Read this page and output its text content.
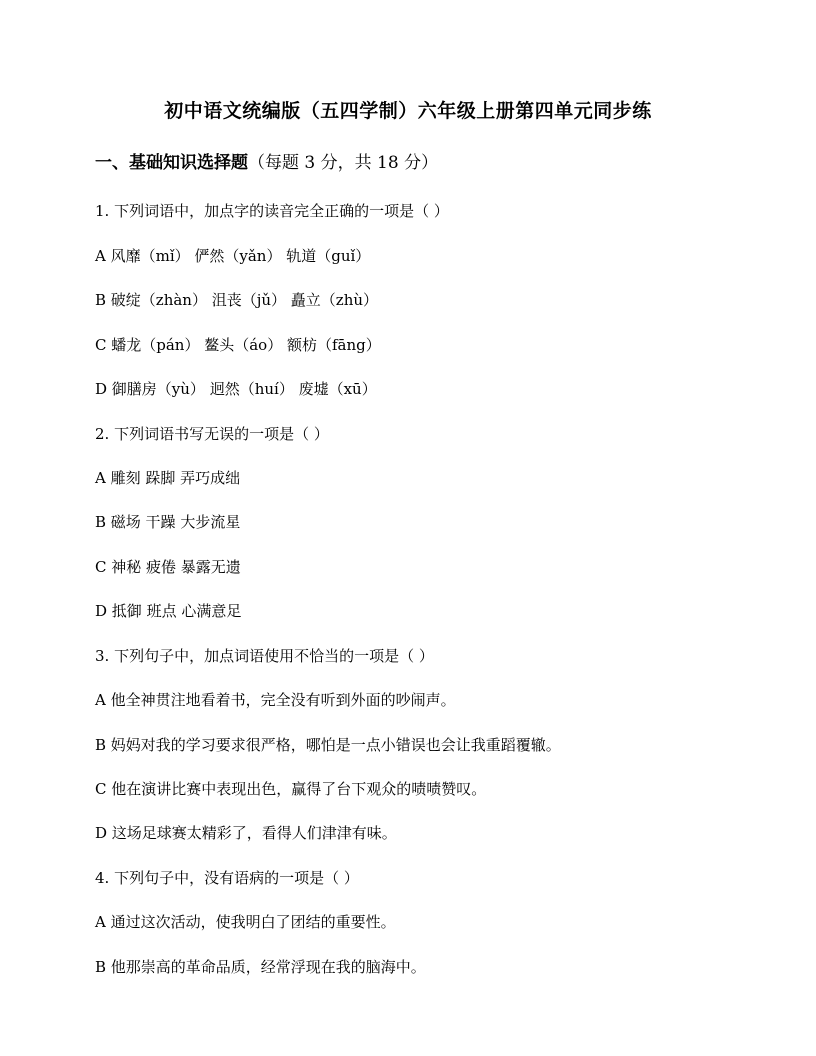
初中语文统编版（五四学制）六年级上册第四单元同步练
一、基础知识选择题（每题 3 分，共 18 分）
1. 下列词语中，加点字的读音完全正确的一项是（ ）
A 风靡（mǐ） 俨然（yǎn） 轨道（guǐ）
B 破绽（zhàn） 沮丧（jǔ） 矗立（zhù）
C 蟠龙（pán） 鳌头（áo） 额枋（fāng）
D 御膳房（yù） 迥然（huí） 废墟（xū）
2. 下列词语书写无误的一项是（ ）
A 雕刻 跺脚 弄巧成绌
B 磁场 干躁 大步流星
C 神秘 疲倦 暴露无遗
D 抵御 班点 心满意足
3. 下列句子中，加点词语使用不恰当的一项是（ ）
A 他全神贯注地看着书，完全没有听到外面的吵闹声。
B 妈妈对我的学习要求很严格，哪怕是一点小错误也会让我重蹈覆辙。
C 他在演讲比赛中表现出色，赢得了台下观众的啧啧赞叹。
D 这场足球赛太精彩了，看得人们津津有味。
4. 下列句子中，没有语病的一项是（ ）
A 通过这次活动，使我明白了团结的重要性。
B 他那崇高的革命品质，经常浮现在我的脑海中。
